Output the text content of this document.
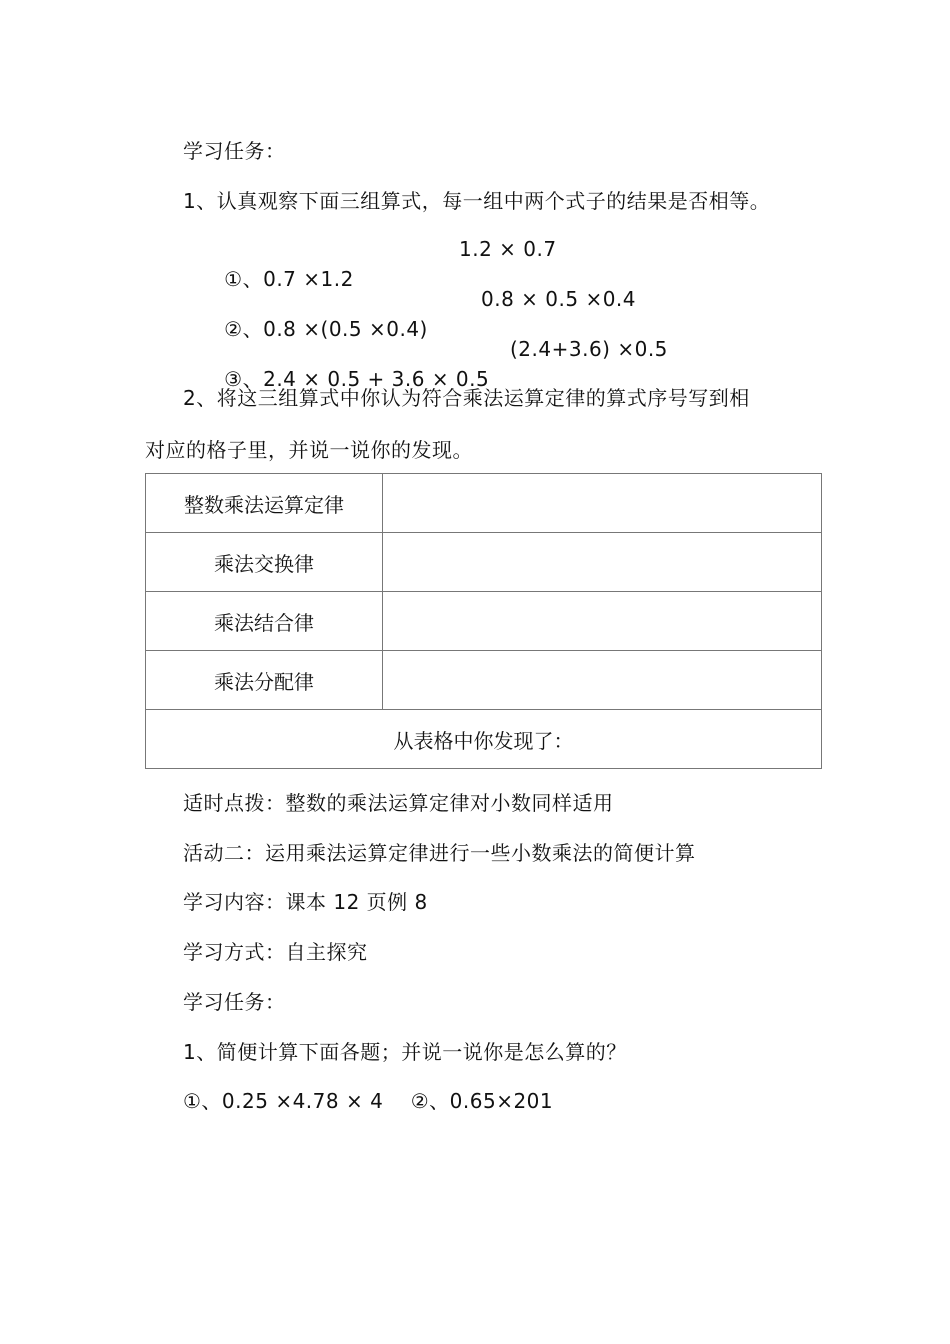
学习任务：
1、认真观察下面三组算式，每一组中两个式子的结果是否相等。

①、0.7 ×1.2

1.2 × 0.7

②、0.8 ×(0.5 ×0.4)

0.8 × 0.5 ×0.4

③、2.4 × 0.5 + 3.6 × 0.5

(2.4+3.6) ×0.5

2、将这三组算式中你认为符合乘法运算定律的算式序号写到相
对应的格子里，并说一说你的发现。
整数乘法运算定律	
乘法交换律	
乘法结合律	
乘法分配律	
从表格中你发现了：	
适时点拨：整数的乘法运算定律对小数同样适用
活动二：运用乘法运算定律进行一些小数乘法的简便计算
学习内容：课本 12 页例 8
学习方式：自主探究
学习任务：
1、简便计算下面各题；并说一说你是怎么算的？
①、0.25 ×4.78 × 4    ②、0.65×201
